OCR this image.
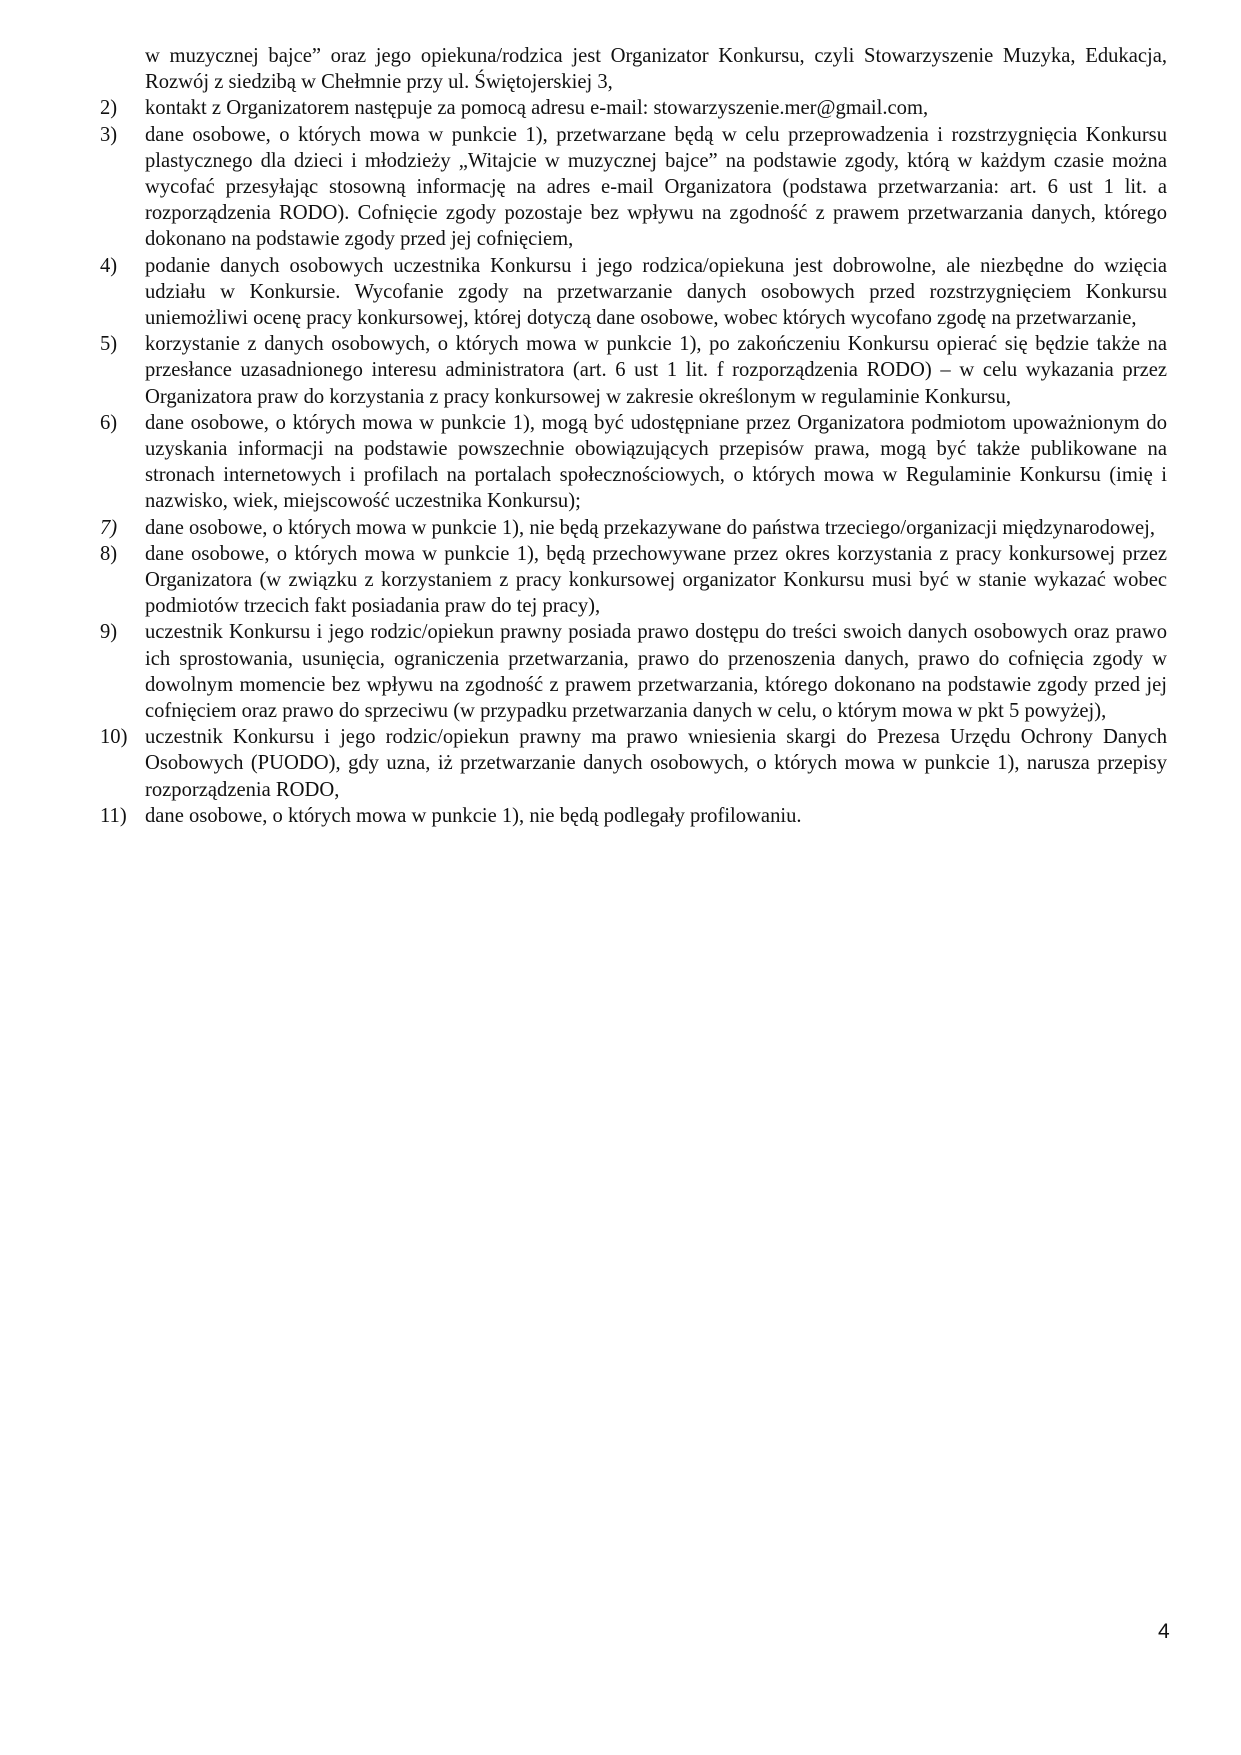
w muzycznej bajce” oraz jego opiekuna/rodzica jest Organizator Konkursu, czyli Stowarzyszenie Muzyka, Edukacja, Rozwój z siedzibą w Chełmnie przy ul. Świętojerskiej 3,
2)	kontakt z Organizatorem następuje za pomocą adresu e-mail: stowarzyszenie.mer@gmail.com,
3)	dane osobowe, o których mowa w punkcie 1), przetwarzane będą w celu przeprowadzenia i rozstrzygnięcia Konkursu plastycznego dla dzieci i młodzieży „Witajcie w muzycznej bajce” na podstawie zgody, którą w każdym czasie można wycofać przesyłając stosowną informację na adres e-mail Organizatora (podstawa przetwarzania: art. 6 ust 1 lit. a rozporządzenia RODO). Cofnięcie zgody pozostaje bez wpływu na zgodność z prawem przetwarzania danych, którego dokonano na podstawie zgody przed jej cofnięciem,
4)	podanie danych osobowych uczestnika Konkursu i jego rodzica/opiekuna jest dobrowolne, ale niezbędne do wzięcia udziału w Konkursie. Wycofanie zgody na przetwarzanie danych osobowych przed rozstrzygnięciem Konkursu uniemożliwi ocenę pracy konkursowej, której dotyczą dane osobowe, wobec których wycofano zgodę na przetwarzanie,
5)	korzystanie z danych osobowych, o których mowa w punkcie 1), po zakończeniu Konkursu opierać się będzie także na przesłance uzasadnionego interesu administratora (art. 6 ust 1 lit. f rozporządzenia RODO) – w celu wykazania przez Organizatora praw do korzystania z pracy konkursowej w zakresie określonym w regulaminie Konkursu,
6)	dane osobowe, o których mowa w punkcie 1), mogą być udostępniane przez Organizatora podmiotom upoważnionym do uzyskania informacji na podstawie powszechnie obowiązujących przepisów prawa, mogą być także publikowane na stronach internetowych i profilach na portalach społecznościowych, o których mowa w Regulaminie Konkursu (imię i nazwisko, wiek, miejscowość uczestnika Konkursu);
7)	dane osobowe, o których mowa w punkcie 1), nie będą przekazywane do państwa trzeciego/organizacji międzynarodowej,
8)	dane osobowe, o których mowa w punkcie 1), będą przechowywane przez okres korzystania z pracy konkursowej przez Organizatora (w związku z korzystaniem z pracy konkursowej organizator Konkursu musi być w stanie wykazać wobec podmiotów trzecich fakt posiadania praw do tej pracy),
9)	uczestnik Konkursu i jego rodzic/opiekun prawny posiada prawo dostępu do treści swoich danych osobowych oraz prawo ich sprostowania, usunięcia, ograniczenia przetwarzania, prawo do przenoszenia danych, prawo do cofnięcia zgody w dowolnym momencie bez wpływu na zgodność z prawem przetwarzania, którego dokonano na podstawie zgody przed jej cofnięciem oraz prawo do sprzeciwu (w przypadku przetwarzania danych w celu, o którym mowa w pkt 5 powyżej),
10) uczestnik Konkursu i jego rodzic/opiekun prawny ma prawo wniesienia skargi do Prezesa Urzędu Ochrony Danych Osobowych (PUODO), gdy uzna, iż przetwarzanie danych osobowych, o których mowa w punkcie 1), narusza przepisy rozporządzenia RODO,
11) dane osobowe, o których mowa w punkcie 1), nie będą podlegały profilowaniu.
4
